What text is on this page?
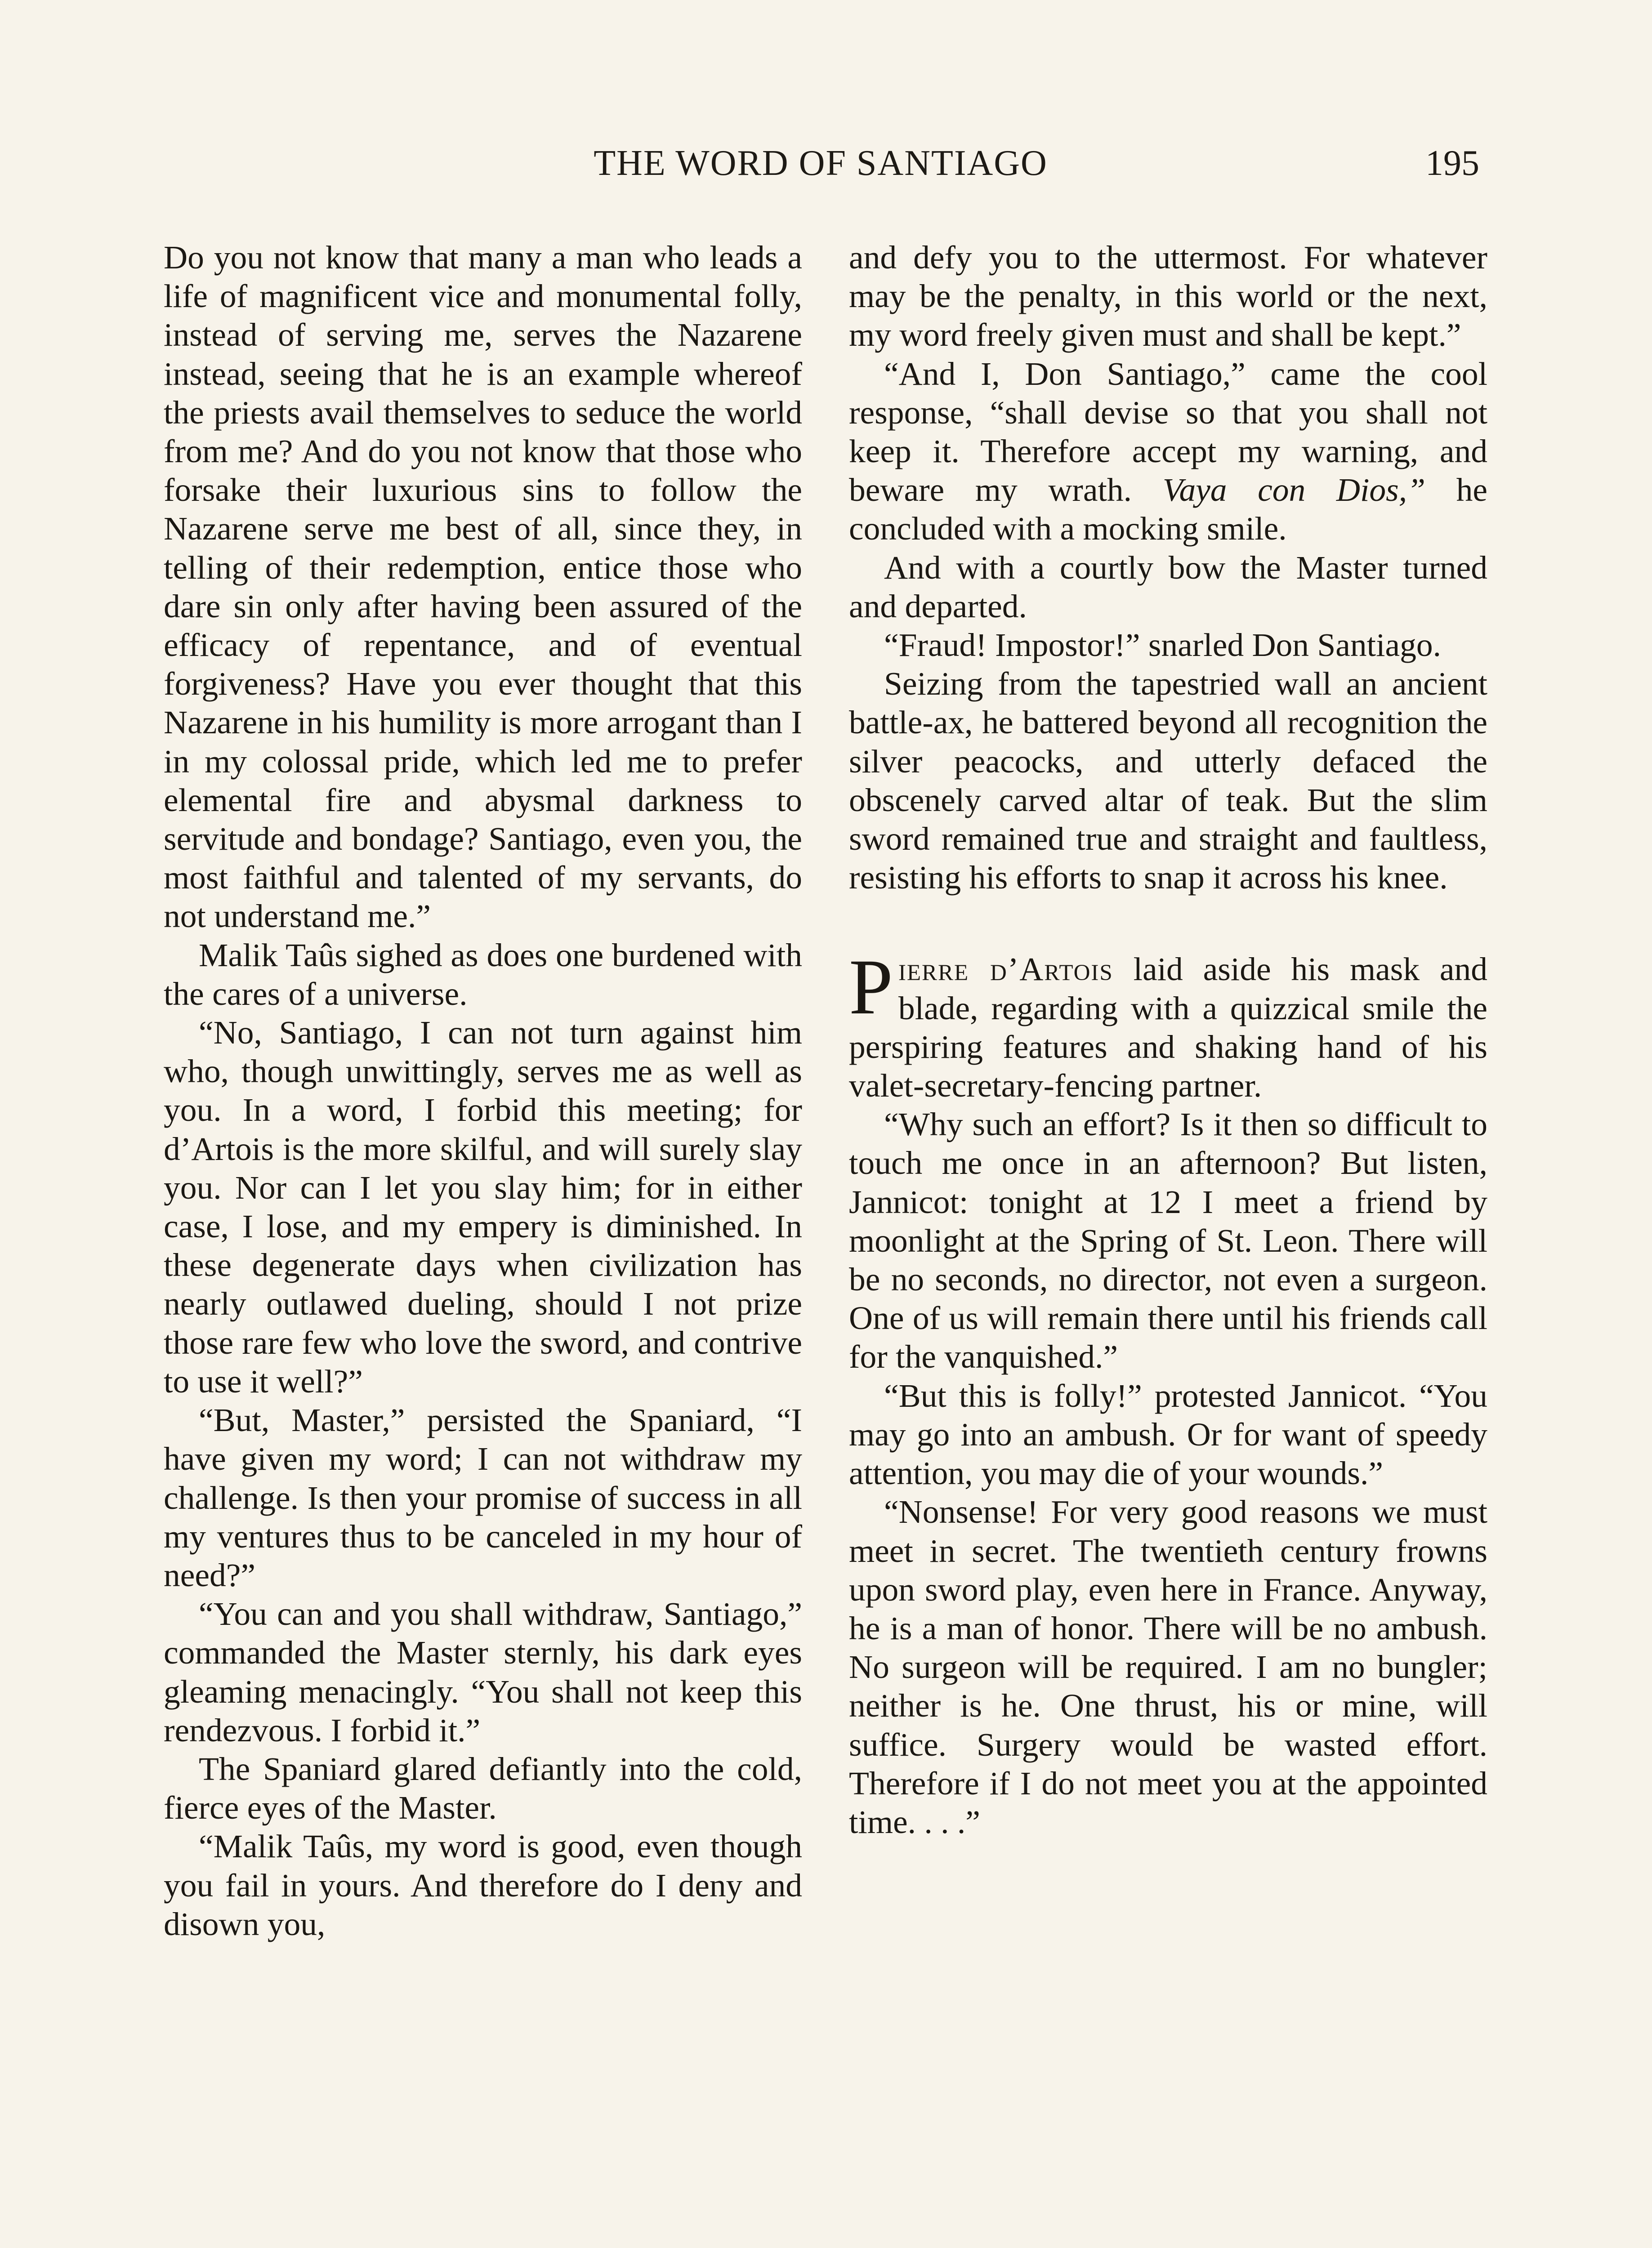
THE WORD OF SANTIAGO	195

Do you not know that many a man who leads a life of magnificent vice and monumental folly, instead of serving me, serves the Nazarene instead, seeing that he is an example whereof the priests avail themselves to seduce the world from me? And do you not know that those who forsake their luxurious sins to follow the Nazarene serve me best of all, since they, in telling of their redemption, entice those who dare sin only after having been assured of the efficacy of repentance, and of eventual forgiveness? Have you ever thought that this Nazarene in his humility is more arrogant than I in my colossal pride, which led me to prefer elemental fire and abysmal darkness to servitude and bondage? Santiago, even you, the most faithful and talented of my servants, do not understand me.”

Malik Taûs sighed as does one burdened with the cares of a universe.

“No, Santiago, I can not turn against him who, though unwittingly, serves me as well as you. In a word, I forbid this meeting; for d’Artois is the more skilful, and will surely slay you. Nor can I let you slay him; for in either case, I lose, and my empery is diminished. In these degenerate days when civilization has nearly outlawed dueling, should I not prize those rare few who love the sword, and contrive to use it well?”

“But, Master,” persisted the Spaniard, “I have given my word; I can not withdraw my challenge. Is then your promise of success in all my ventures thus to be canceled in my hour of need?”

“You can and you shall withdraw, Santiago,” commanded the Master sternly, his dark eyes gleaming menacingly. “You shall not keep this rendezvous. I forbid it.”

The Spaniard glared defiantly into the cold, fierce eyes of the Master.

“Malik Taûs, my word is good, even though you fail in yours. And therefore do I deny and disown you,

and defy you to the uttermost. For whatever may be the penalty, in this world or the next, my word freely given must and shall be kept.”

“And I, Don Santiago,” came the cool response, “shall devise so that you shall not keep it. Therefore accept my warning, and beware my wrath. Vaya con Dios,” he concluded with a mocking smile.

And with a courtly bow the Master turned and departed.

“Fraud! Impostor!” snarled Don Santiago.

Seizing from the tapestried wall an ancient battle-ax, he battered beyond all recognition the silver peacocks, and utterly defaced the obscenely carved altar of teak. But the slim sword remained true and straight and faultless, resisting his efforts to snap it across his knee.

Pierre d’Artois laid aside his mask and blade, regarding with a quizzical smile the perspiring features and shaking hand of his valet-secretary-fencing partner.

“Why such an effort? Is it then so difficult to touch me once in an afternoon? But listen, Jannicot: tonight at 12 I meet a friend by moonlight at the Spring of St. Leon. There will be no seconds, no director, not even a surgeon. One of us will remain there until his friends call for the vanquished.”

“But this is folly!” protested Jannicot. “You may go into an ambush. Or for want of speedy attention, you may die of your wounds.”

“Nonsense! For very good reasons we must meet in secret. The twentieth century frowns upon sword play, even here in France. Anyway, he is a man of honor. There will be no ambush. No surgeon will be required. I am no bungler; neither is he. One thrust, his or mine, will suffice. Surgery would be wasted effort. Therefore if I do not meet you at the appointed time. . . .”
